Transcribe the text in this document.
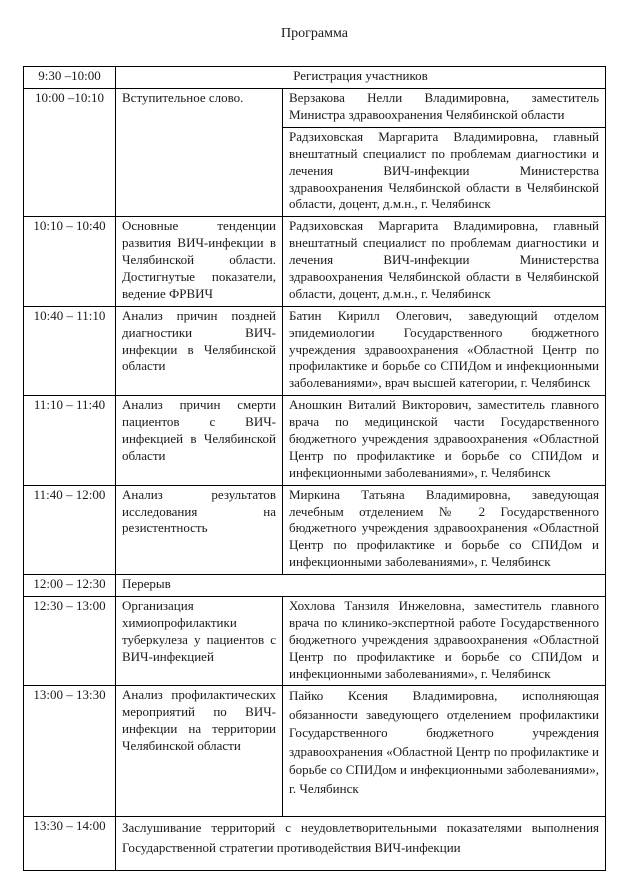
Программа
9:30 –10:00	Регистрация участников	
10:00 –10:10	Вступительное слово.	Верзакова Нелли Владимировна, заместитель Министра здравоохранения Челябинской области
Радзиховская Маргарита Владимировна, главный внештатный специалист по проблемам диагностики и лечения ВИЧ-инфекции Министерства здравоохранения Челябинской области в Челябинской области, доцент, д.м.н., г. Челябинск

10:10 – 10:40	Основные тенденции развития ВИЧ-инфекции в Челябинской области. Достигнутые показатели, ведение ФРВИЧ	Радзиховская Маргарита Владимировна, главный внештатный специалист по проблемам диагностики и лечения ВИЧ-инфекции Министерства здравоохранения Челябинской области в Челябинской области, доцент, д.м.н., г. Челябинск
10:40 – 11:10	Анализ причин поздней диагностики ВИЧ-инфекции в Челябинской области	Батин Кирилл Олегович, заведующий отделом эпидемиологии Государственного бюджетного учреждения здравоохранения «Областной Центр по профилактике и борьбе со СПИДом и инфекционными заболеваниями», врач высшей категории, г. Челябинск
11:10 – 11:40	Анализ причин смерти пациентов с ВИЧ-инфекцией в Челябинской области	Аношкин Виталий Викторович, заместитель главного врача по медицинской части Государственного бюджетного учреждения здравоохранения «Областной Центр по профилактике и борьбе со СПИДом и инфекционными заболеваниями», г. Челябинск
11:40 – 12:00	Анализ результатов исследования на резистентность	Миркина Татьяна Владимировна, заведующая лечебным отделением № 2 Государственного бюджетного учреждения здравоохранения «Областной Центр по профилактике и борьбе со СПИДом и инфекционными заболеваниями», г. Челябинск
12:00 – 12:30	Перерыв	
12:30 – 13:00	Организация химиопрофилактики туберкулеза у пациентов с ВИЧ-инфекцией	Хохлова Танзиля Инжеловна, заместитель главного врача по клинико-экспертной работе Государственного бюджетного учреждения здравоохранения «Областной Центр по профилактике и борьбе со СПИДом и инфекционными заболеваниями», г. Челябинск
13:00 – 13:30	Анализ профилактических мероприятий по ВИЧ-инфекции на территории Челябинской области	Пайко Ксения Владимировна, исполняющая обязанности заведующего отделением профилактики Государственного бюджетного учреждения здравоохранения «Областной Центр по профилактике и борьбе со СПИДом и инфекционными заболеваниями», г. Челябинск
13:30 – 14:00	Заслушивание территорий с неудовлетворительными показателями выполнения Государственной стратегии противодействия ВИЧ-инфекции	
